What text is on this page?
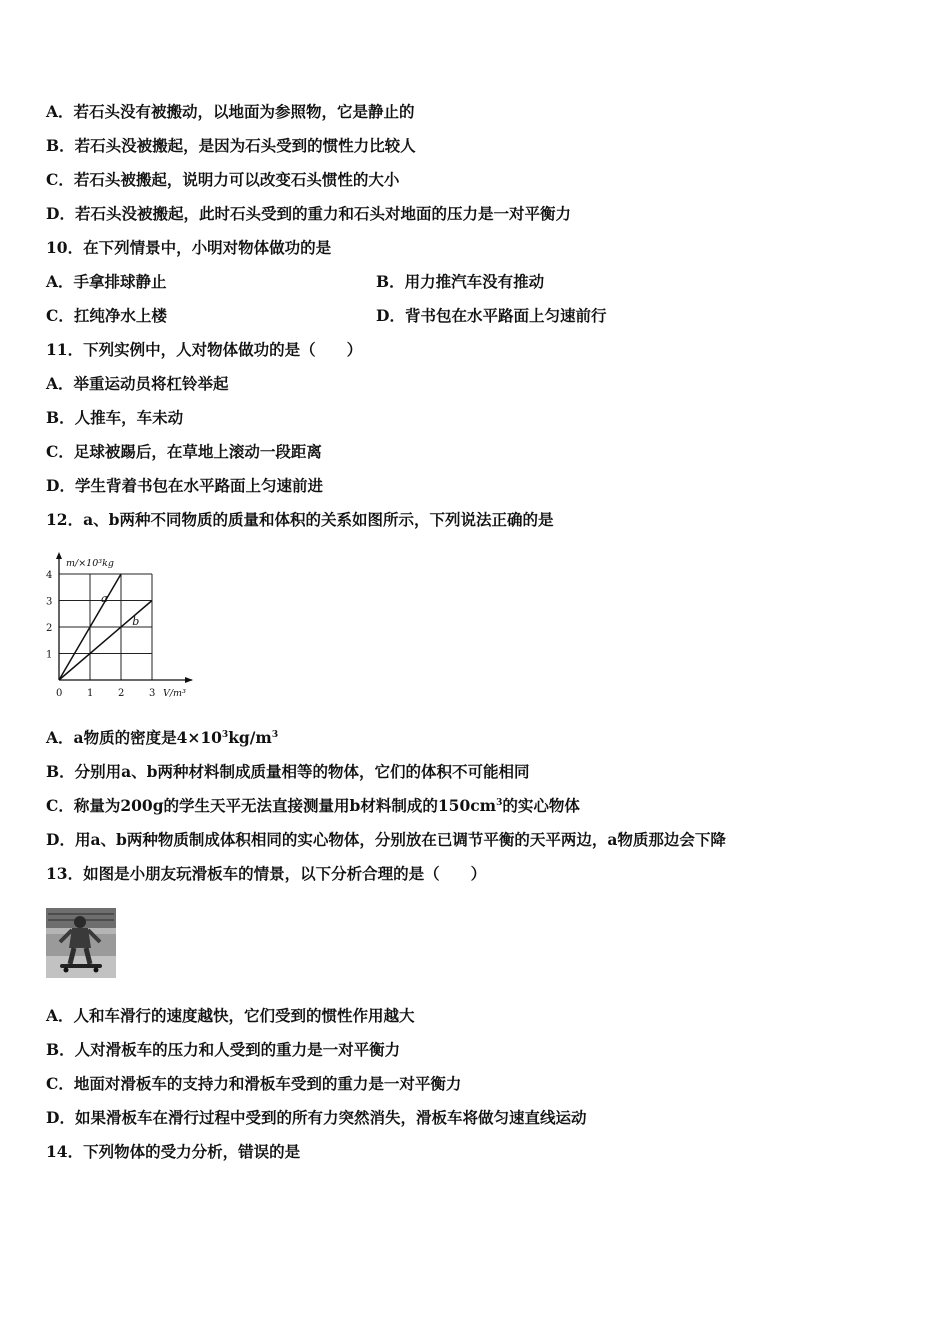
A．若石头没有被搬动，以地面为参照物，它是静止的
B．若石头没被搬起，是因为石头受到的惯性力比较人
C．若石头被搬起，说明力可以改变石头惯性的大小
D．若石头没被搬起，此时石头受到的重力和石头对地面的压力是一对平衡力
10．在下列情景中，小明对物体做功的是
A．手拿排球静止	B．用力推汽车没有推动
C．扛纯净水上楼	D．背书包在水平路面上匀速前行
11．下列实例中，人对物体做功的是（　　）
A．举重运动员将杠铃举起
B．人推车，车未动
C．足球被踢后，在草地上滚动一段距离
D．学生背着书包在水平路面上匀速前进
12．a、b两种不同物质的质量和体积的关系如图所示，下列说法正确的是
a
b
1
2
3
4
0 1 2 3
m/×10³kg
V/m³
A．a物质的密度是$4\times 10^3kg/m^3$
B．分别用a、b两种材料制成质量相等的物体，它们的体积不可能相同
C．称量为200g的学生天平无法直接测量用b材料制成的$150cm^3$的实心物体
D．用a、b两种物质制成体积相同的实心物体，分别放在已调节平衡的天平两边，a物质那边会下降
13．如图是小朋友玩滑板车的情景，以下分析合理的是（　　）
A．人和车滑行的速度越快，它们受到的惯性作用越大
B．人对滑板车的压力和人受到的重力是一对平衡力
C．地面对滑板车的支持力和滑板车受到的重力是一对平衡力
D．如果滑板车在滑行过程中受到的所有力突然消失，滑板车将做匀速直线运动
14．下列物体的受力分析，错误的是
